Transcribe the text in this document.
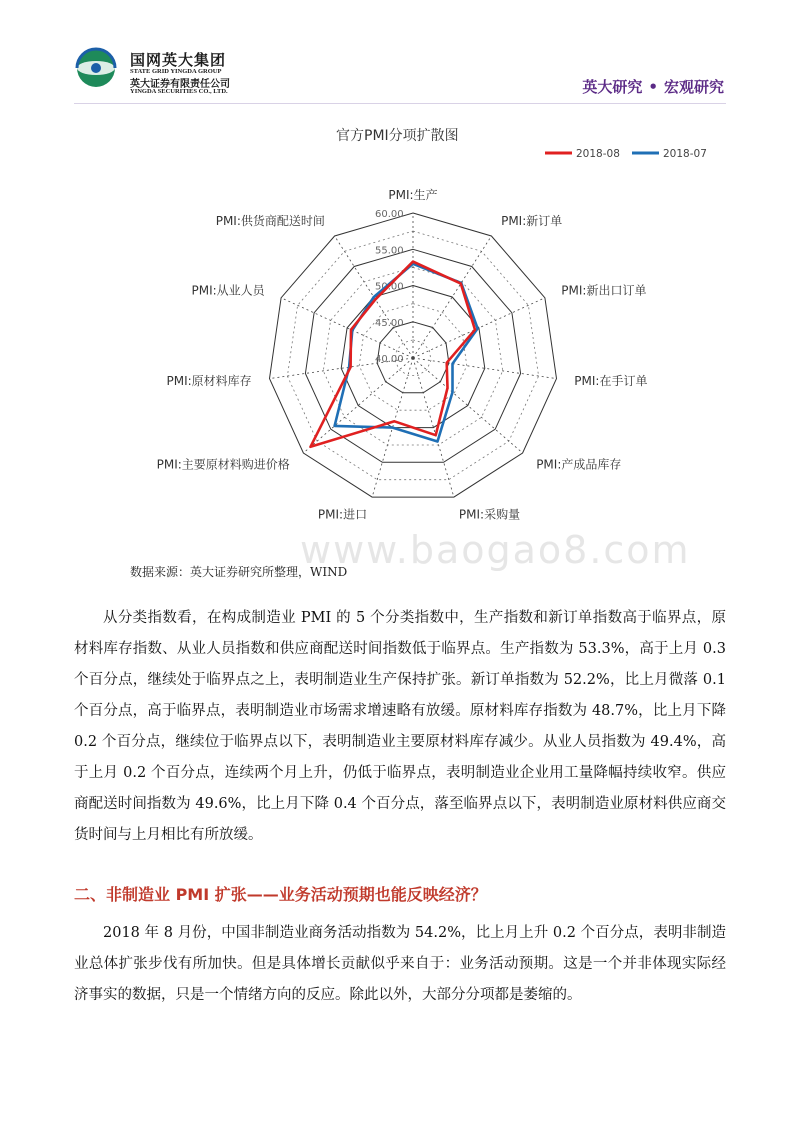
国网英大集团
STATE GRID YINGDA GROUP
英大证券有限责任公司
YINGDA SECURITIES CO., LTD.	英大研究 • 宏观研究
官方PMI分项扩散图
2018-08	2018-07
40.00
45.00
50.00
55.00
60.00
PMI:生产
PMI:新订单
PMI:新出口订单
PMI:在手订单
PMI:产成品库存
PMI:采购量
PMI:进口
PMI:主要原材料购进价格
PMI:原材料库存
PMI:从业人员
PMI:供货商配送时间
www.baogao8.com
数据来源：英大证券研究所整理，WIND
从分类指数看，在构成制造业 PMI 的 5 个分类指数中，生产指数和新订单指数高于临界点，原材料库存指数、从业人员指数和供应商配送时间指数低于临界点。生产指数为 53.3%，高于上月 0.3 个百分点，继续处于临界点之上，表明制造业生产保持扩张。新订单指数为 52.2%，比上月微落 0.1 个百分点，高于临界点，表明制造业市场需求增速略有放缓。原材料库存指数为 48.7%，比上月下降 0.2 个百分点，继续位于临界点以下，表明制造业主要原材料库存减少。从业人员指数为 49.4%，高于上月 0.2 个百分点，连续两个月上升，仍低于临界点，表明制造业企业用工量降幅持续收窄。供应商配送时间指数为 49.6%，比上月下降 0.4 个百分点，落至临界点以下，表明制造业原材料供应商交货时间与上月相比有所放缓。
二、非制造业 PMI 扩张——业务活动预期也能反映经济？
2018 年 8 月份，中国非制造业商务活动指数为 54.2%，比上月上升 0.2 个百分点，表明非制造业总体扩张步伐有所加快。但是具体增长贡献似乎来自于：业务活动预期。这是一个并非体现实际经济事实的数据，只是一个情绪方向的反应。除此以外，大部分分项都是萎缩的。
